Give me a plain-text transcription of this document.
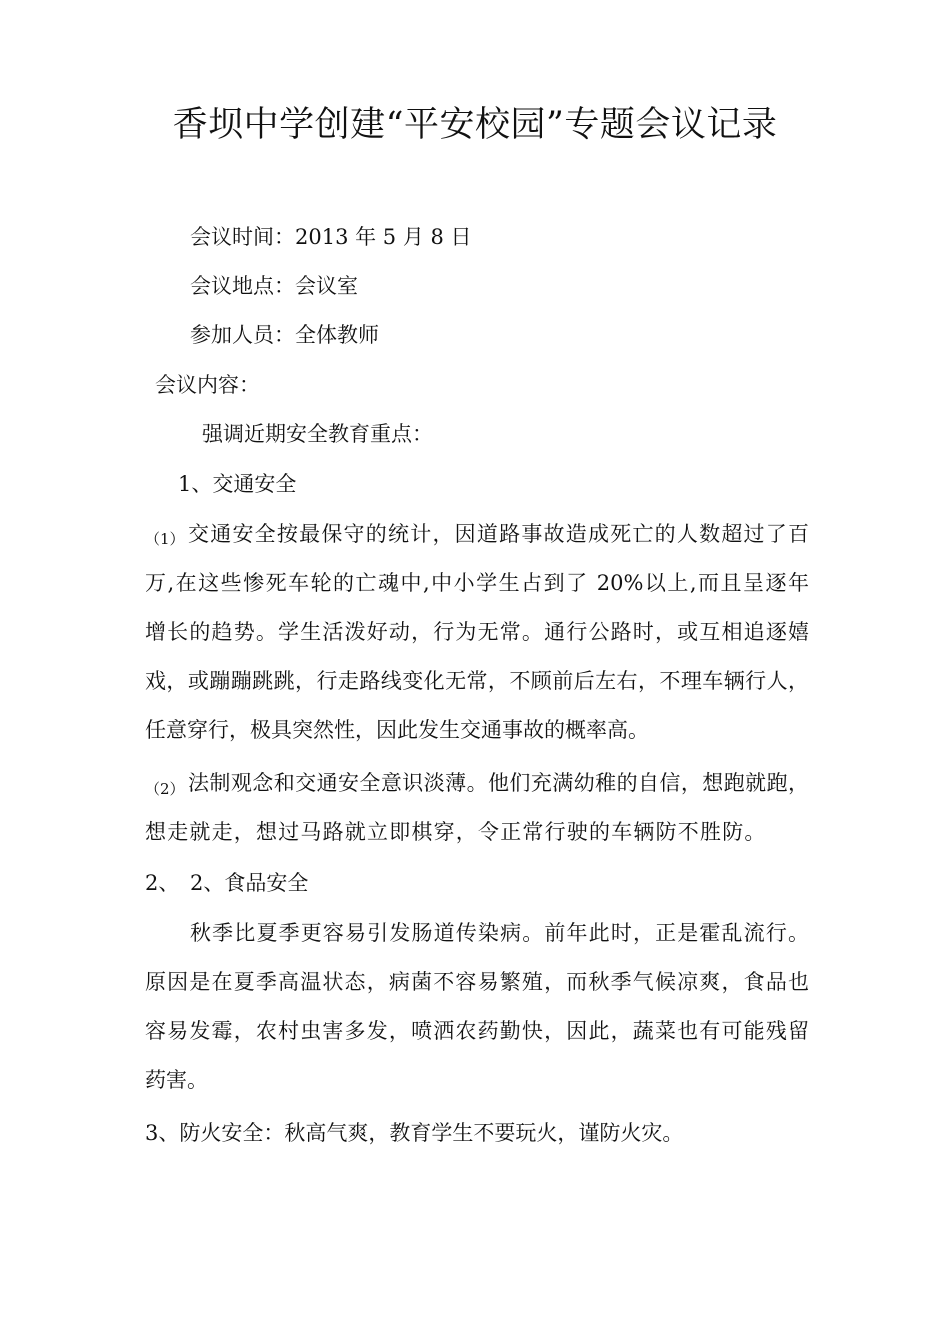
香坝中学创建“平安校园”专题会议记录
会议时间：2013 年 5 月 8 日
会议地点：会议室
参加人员：全体教师
会议内容：
强调近期安全教育重点：
1、交通安全
（1） 交通安全按最保守的统计，因道路事故造成死亡的人数超过了百
万,在这些惨死车轮的亡魂中,中小学生占到了 20%以上,而且呈逐年
增长的趋势。学生活泼好动，行为无常。通行公路时，或互相追逐嬉
戏，或蹦蹦跳跳，行走路线变化无常，不顾前后左右，不理车辆行人，
任意穿行，极具突然性，因此发生交通事故的概率高。
（2） 法制观念和交通安全意识淡薄。他们充满幼稚的自信，想跑就跑，
想走就走，想过马路就立即棋穿，令正常行驶的车辆防不胜防。
2、 2、食品安全
秋季比夏季更容易引发肠道传染病。前年此时，正是霍乱流行。
原因是在夏季高温状态，病菌不容易繁殖，而秋季气候凉爽，食品也
容易发霉，农村虫害多发，喷洒农药勤快，因此，蔬菜也有可能残留
药害。
3、防火安全：秋高气爽，教育学生不要玩火，谨防火灾。
